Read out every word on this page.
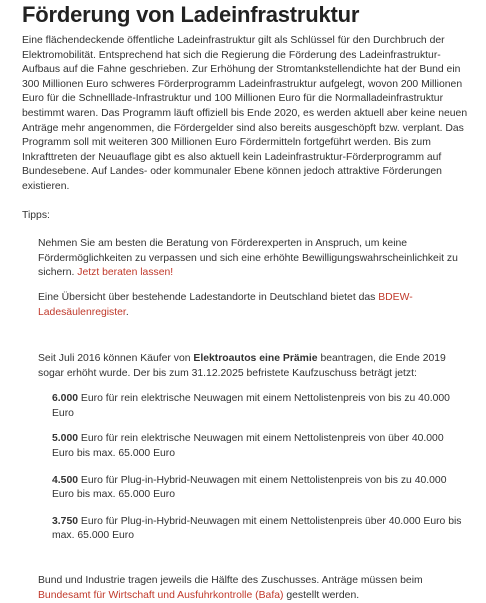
Förderung von Ladeinfrastruktur

Eine flächendeckende öffentliche Ladeinfrastruktur gilt als Schlüssel für den Durchbruch der Elektromobilität. Entsprechend hat sich die Regierung die Förderung des Ladeinfrastruktur-Aufbaus auf die Fahne geschrieben. Zur Erhöhung der Stromtankstellendichte hat der Bund ein 300 Millionen Euro schweres Förderprogramm Ladeinfrastruktur aufgelegt, wovon 200 Millionen Euro für die Schnelllade-Infrastruktur und 100 Millionen Euro für die Normalladeinfrastruktur bestimmt waren. Das Programm läuft offiziell bis Ende 2020, es werden aktuell aber keine neuen Anträge mehr angenommen, die Fördergelder sind also bereits ausgeschöpft bzw. verplant. Das Programm soll mit weiteren 300 Millionen Euro Fördermitteln fortgeführt werden. Bis zum Inkrafttreten der Neuauflage gibt es also aktuell kein Ladeinfrastruktur-Förderprogramm auf Bundesebene. Auf Landes- oder kommunaler Ebene können jedoch attraktive Förderungen existieren.

Tipps:

Nehmen Sie am besten die Beratung von Förderexperten in Anspruch, um keine Fördermöglichkeiten zu verpassen und sich eine erhöhte Bewilligungswahrscheinlichkeit zu sichern. Jetzt beraten lassen!

Eine Übersicht über bestehende Ladestandorte in Deutschland bietet das BDEW-Ladesäulenregister.

Seit Juli 2016 können Käufer von Elektroautos eine Prämie beantragen, die Ende 2019 sogar erhöht wurde. Der bis zum 31.12.2025 befristete Kaufzuschuss beträgt jetzt:

6.000 Euro für rein elektrische Neuwagen mit einem Nettolistenpreis von bis zu 40.000 Euro

5.000 Euro für rein elektrische Neuwagen mit einem Nettolistenpreis von über 40.000 Euro bis max. 65.000 Euro

4.500 Euro für Plug-in-Hybrid-Neuwagen mit einem Nettolistenpreis von bis zu 40.000 Euro bis max. 65.000 Euro

3.750 Euro für Plug-in-Hybrid-Neuwagen mit einem Nettolistenpreis über 40.000 Euro bis max. 65.000 Euro

Bund und Industrie tragen jeweils die Hälfte des Zuschusses. Anträge müssen beim Bundesamt für Wirtschaft und Ausfuhrkontrolle (Bafa) gestellt werden.
